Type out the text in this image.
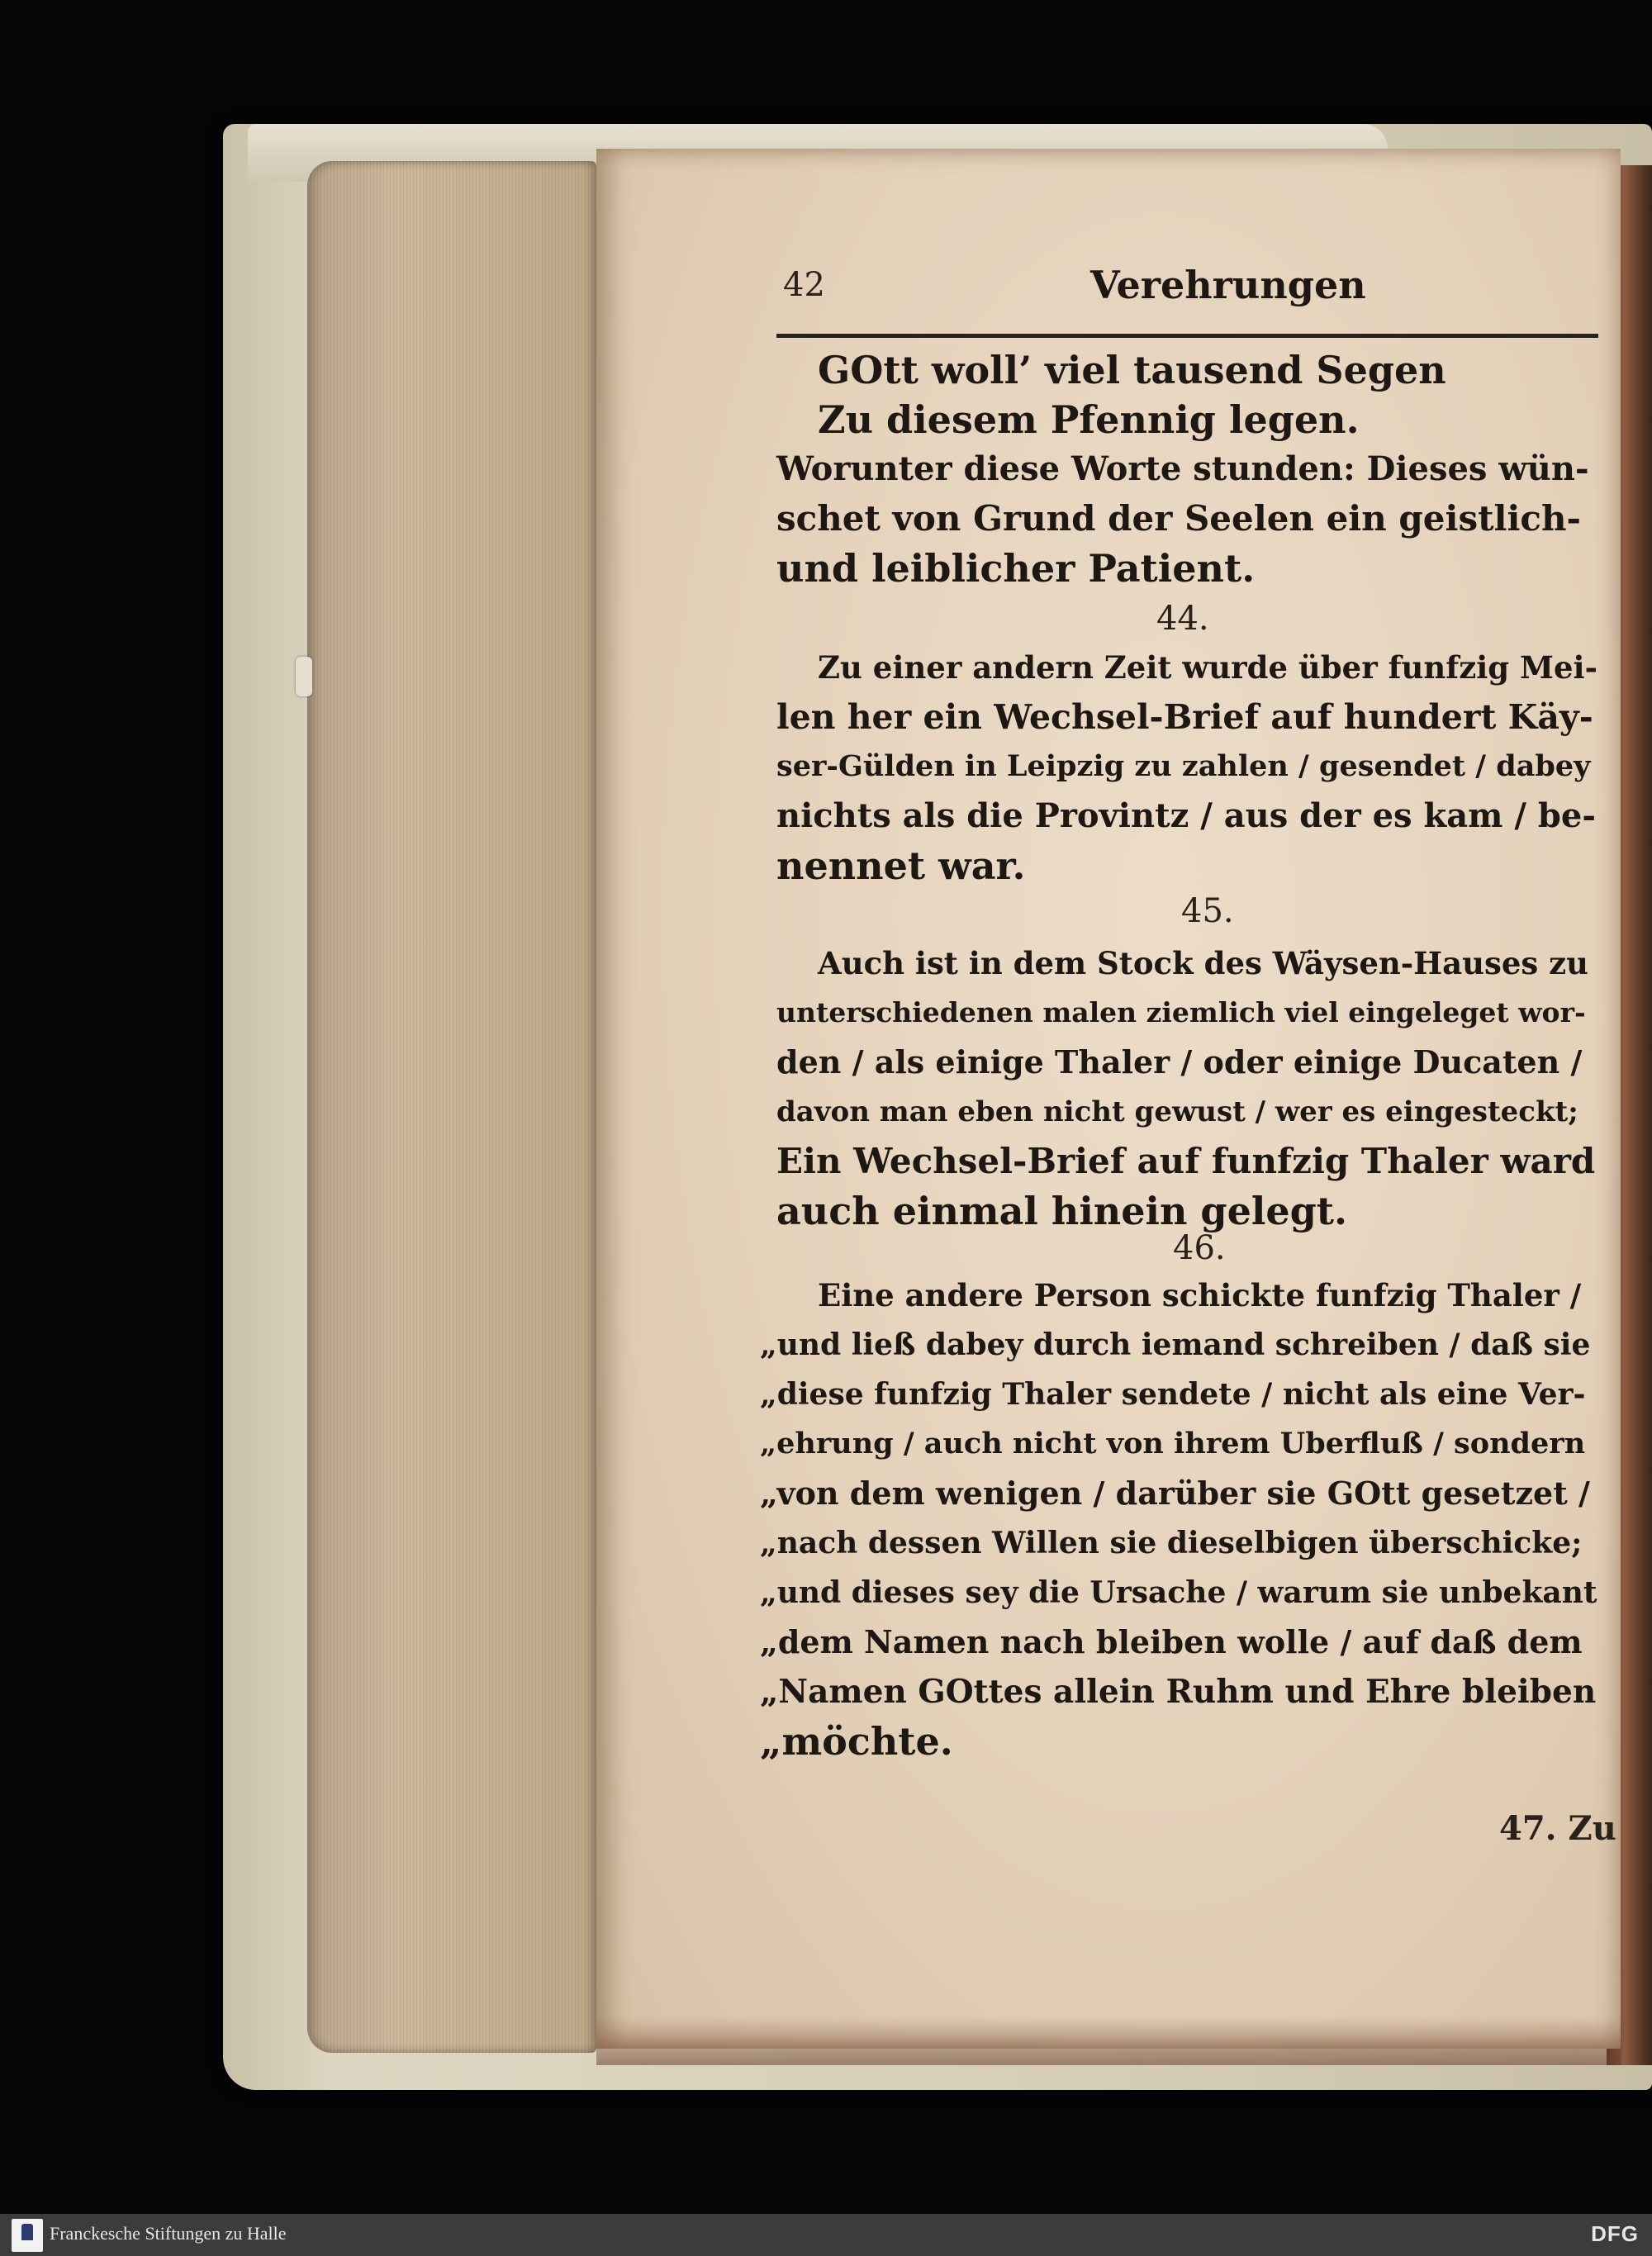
42	Verehrungen
GOtt woll’ viel tausend Segen
Zu diesem Pfennig legen.
Worunter diese Worte stunden: Dieses wün-
schet von Grund der Seelen ein geistlich-
und leiblicher Patient.
44.
Zu einer andern Zeit wurde über funfzig Mei-
len her ein Wechsel-Brief auf hundert Käy-
ser-Gülden in Leipzig zu zahlen / gesendet / dabey
nichts als die Provintz / aus der es kam / be-
nennet war.
45.
Auch ist in dem Stock des Wäysen-Hauses zu
unterschiedenen malen ziemlich viel eingeleget wor-
den / als einige Thaler / oder einige Ducaten /
davon man eben nicht gewust / wer es eingesteckt;
Ein Wechsel-Brief auf funfzig Thaler ward
auch einmal hinein gelegt.
46.
Eine andere Person schickte funfzig Thaler /
„und ließ dabey durch iemand schreiben / daß sie
„diese funfzig Thaler sendete / nicht als eine Ver-
„ehrung / auch nicht von ihrem Uberfluß / sondern
„von dem wenigen / darüber sie GOtt gesetzet /
„nach dessen Willen sie dieselbigen überschicke;
„und dieses sey die Ursache / warum sie unbekant
„dem Namen nach bleiben wolle / auf daß dem
„Namen GOttes allein Ruhm und Ehre bleiben
„möchte.
47. Zu
Franckesche Stiftungen zu Halle	DFG
